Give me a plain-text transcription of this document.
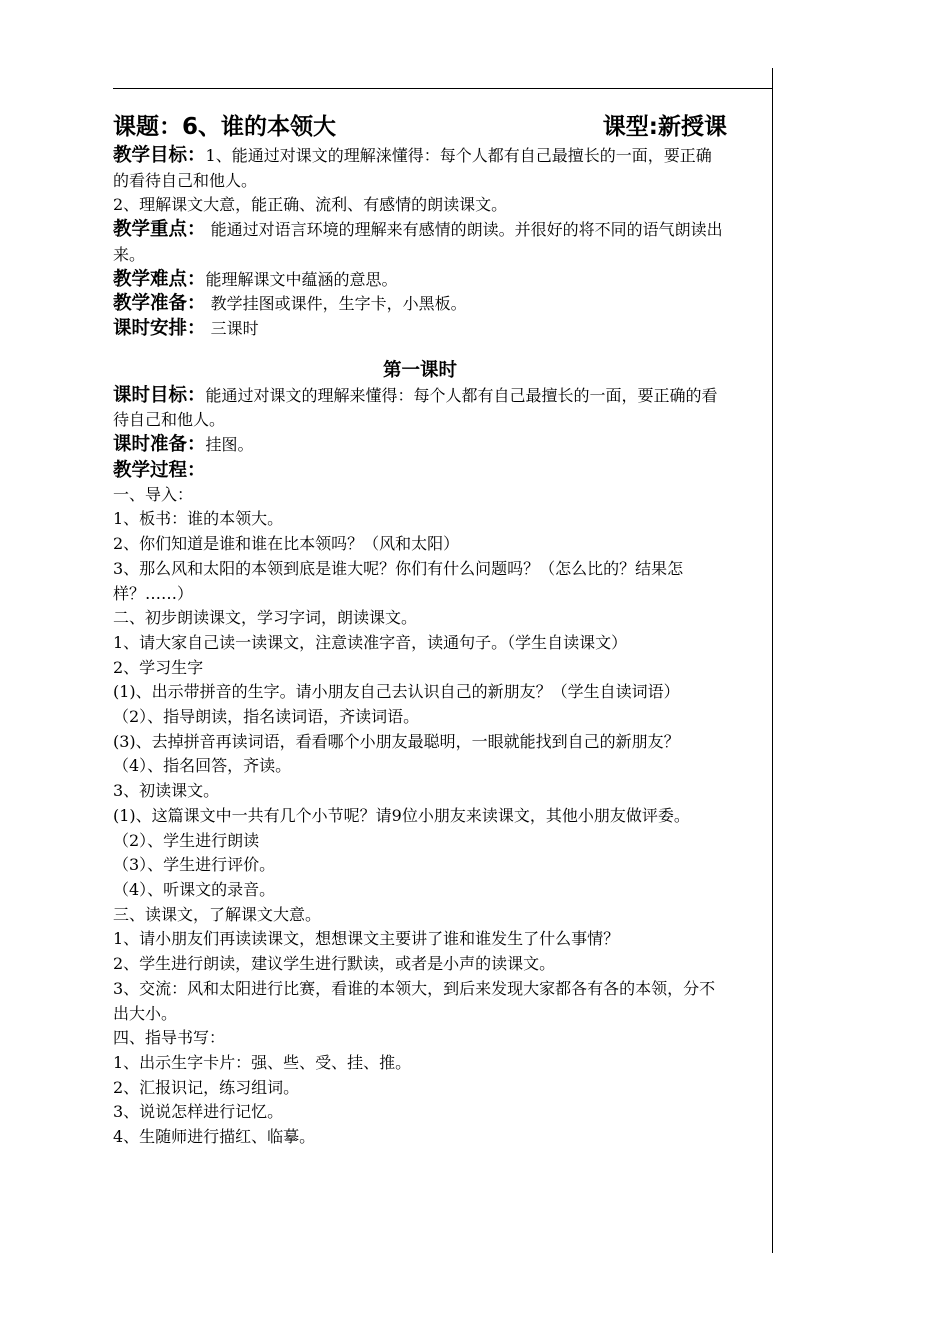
课题：6、谁的本领大	课型:新授课
教学目标：1、能通过对课文的理解涞懂得：每个人都有自己最擅长的一面，要正确的看待自己和他人。
2、理解课文大意，能正确、流利、有感情的朗读课文。
教学重点： 能通过对语言环境的理解来有感情的朗读。并很好的将不同的语气朗读出来。
教学难点：能理解课文中蕴涵的意思。
教学准备： 教学挂图或课件，生字卡，小黑板。
课时安排： 三课时
第一课时
课时目标：能通过对课文的理解来懂得：每个人都有自己最擅长的一面，要正确的看待自己和他人。
课时准备：挂图。
教学过程：
一、导入：
1、板书：谁的本领大。
2、你们知道是谁和谁在比本领吗？（风和太阳）
3、那么风和太阳的本领到底是谁大呢？你们有什么问题吗？（怎么比的？结果怎样？……）
二、初步朗读课文，学习字词，朗读课文。
1、请大家自己读一读课文，注意读准字音，读通句子。（学生自读课文）
2、学习生字
(1)、出示带拼音的生字。请小朋友自己去认识自己的新朋友？（学生自读词语）
（2）、指导朗读，指名读词语，齐读词语。
(3)、去掉拼音再读词语，看看哪个小朋友最聪明，一眼就能找到自己的新朋友？
（4）、指名回答，齐读。
3、初读课文。
(1)、这篇课文中一共有几个小节呢？请9位小朋友来读课文，其他小朋友做评委。
（2）、学生进行朗读
（3）、学生进行评价。
（4）、听课文的录音。
三、读课文，了解课文大意。
1、请小朋友们再读读课文，想想课文主要讲了谁和谁发生了什么事情？
2、学生进行朗读，建议学生进行默读，或者是小声的读课文。
3、交流：风和太阳进行比赛，看谁的本领大，到后来发现大家都各有各的本领，分不出大小。
四、指导书写：
1、出示生字卡片：强、些、受、挂、推。
2、汇报识记，练习组词。
3、说说怎样进行记忆。
4、生随师进行描红、临摹。
